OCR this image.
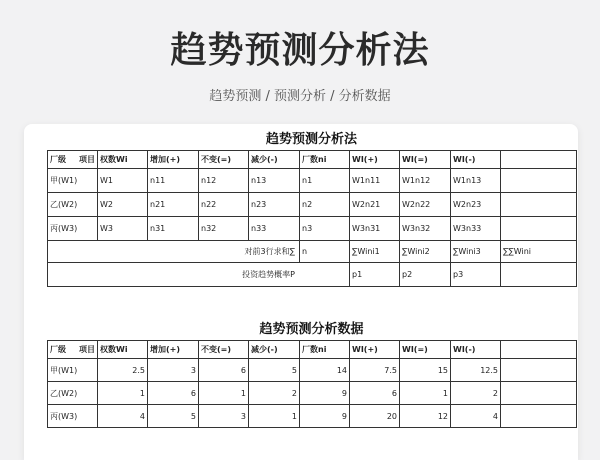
趋势预测分析法
趋势预测 / 预测分析 / 分析数据
趋势预测分析法
厂级 项目	权数Wi	增加(+)	不变(=)	减少(-)	厂数ni	WI(+)	WI(=)	WI(-)	
甲(W1)	W1	n11	n12	n13	n1	W1n11	W1n12	W1n13	
乙(W2)	W2	n21	n22	n23	n2	W2n21	W2n22	W2n23	
丙(W3)	W3	n31	n32	n33	n3	W3n31	W3n32	W3n33	
对前3行求和∑					n	∑Wini1	∑Wini2	∑Wini3	∑∑Wini
投资趋势概率P						p1	p2	p3	
趋势预测分析数据
厂级 项目	权数Wi	增加(+)	不变(=)	减少(-)	厂数ni	WI(+)	WI(=)	WI(-)	
甲(W1)	2.5	3	6	5	14	7.5	15	12.5	
乙(W2)	1	6	1	2	9	6	1	2	
丙(W3)	4	5	3	1	9	20	12	4	
